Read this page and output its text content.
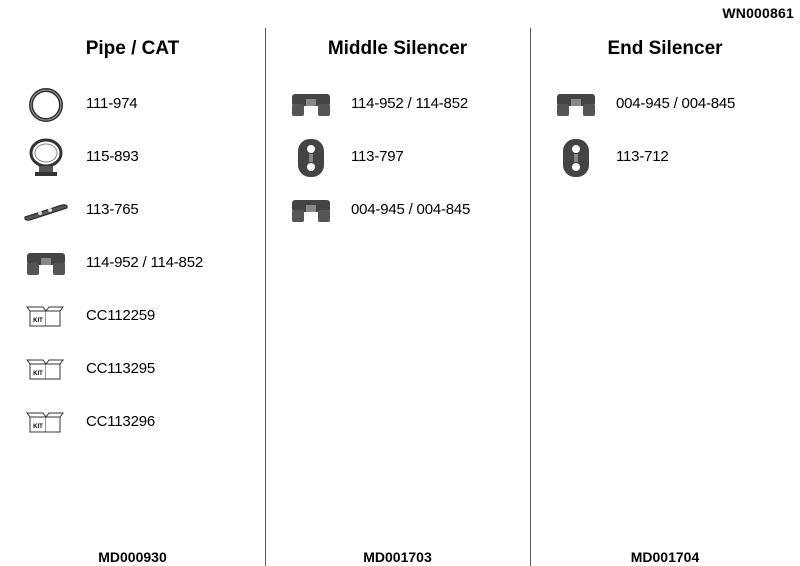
WN000861
Pipe / CAT
111-974
115-893
113-765
114-952 / 114-852
KIT	CC112259
KIT	CC113295
KIT	CC113296
MD000930
Middle Silencer
114-952 / 114-852
113-797
004-945 / 004-845
MD001703
End Silencer
004-945 / 004-845
113-712
MD001704
